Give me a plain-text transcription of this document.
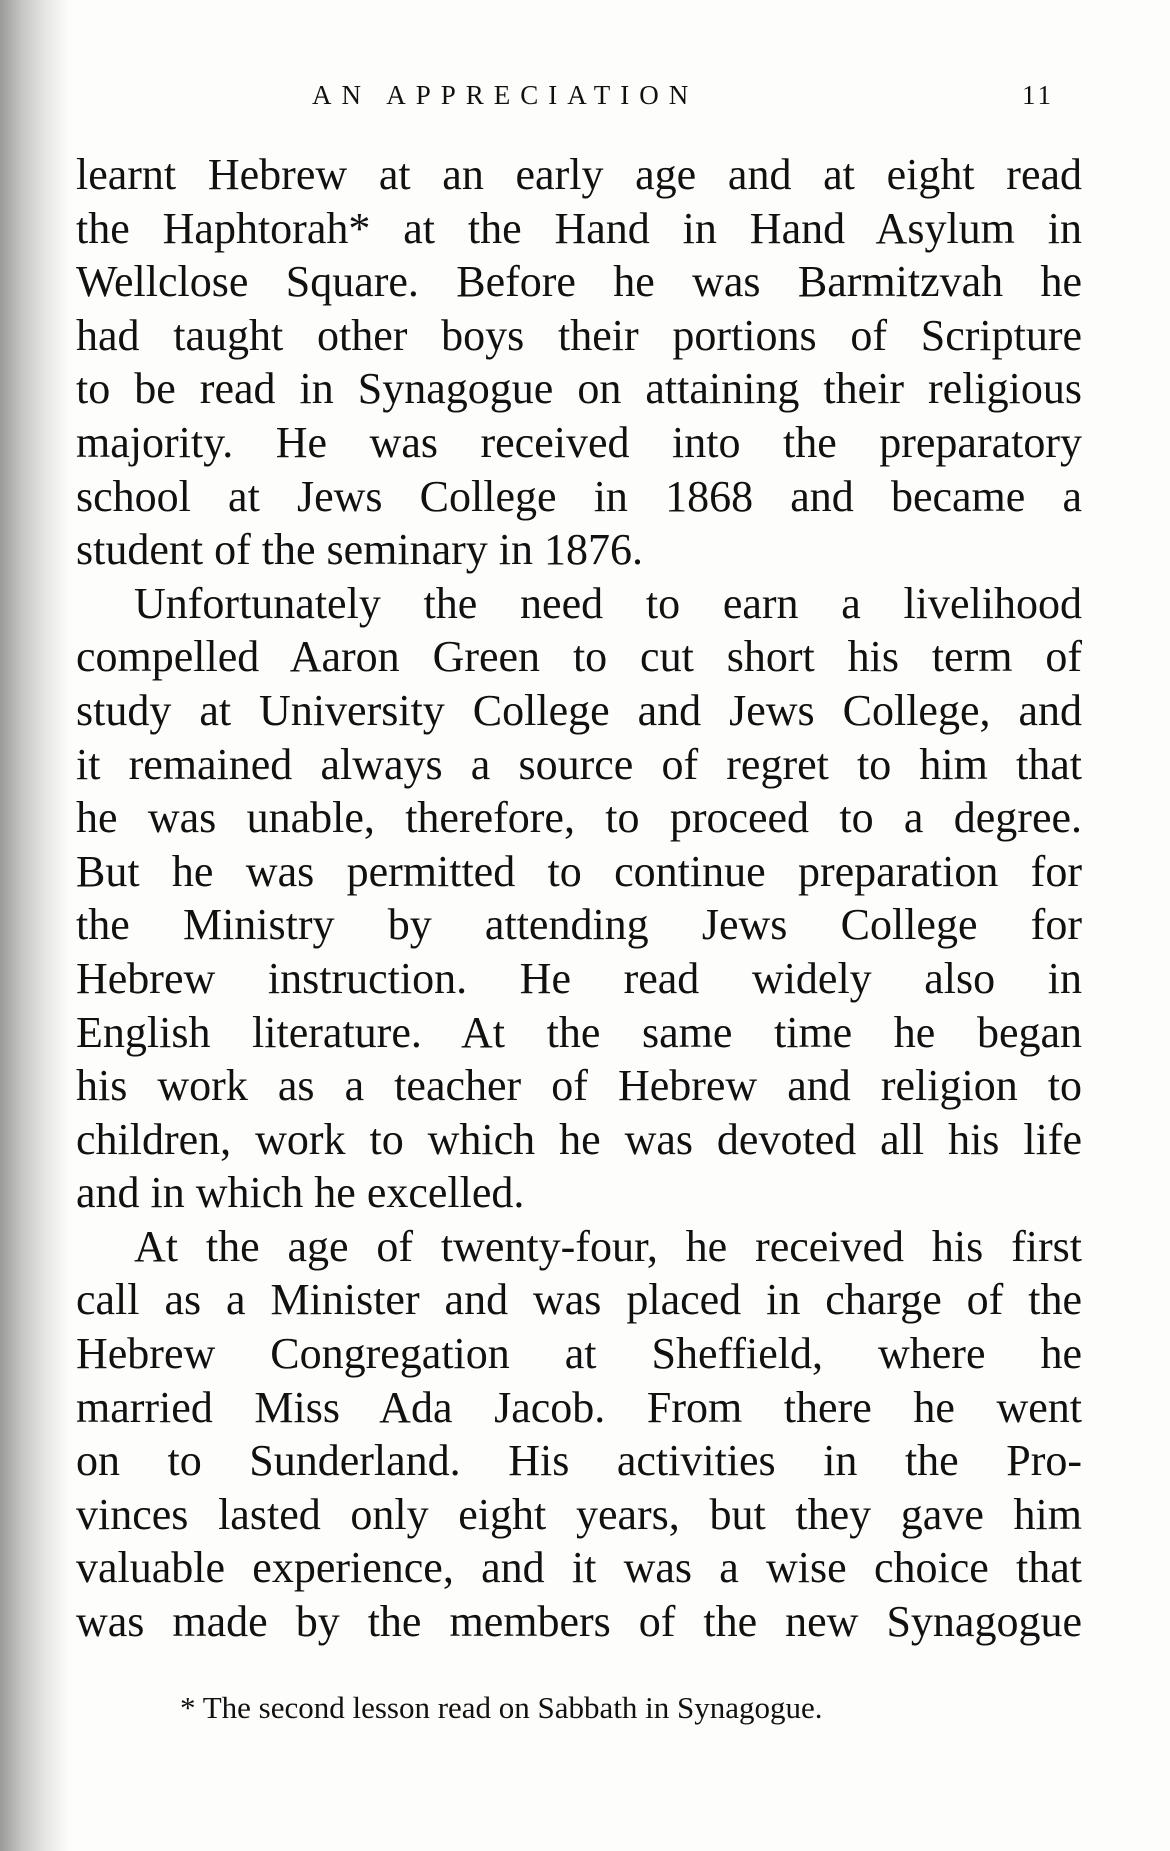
AN APPRECIATION	11
learnt Hebrew at an early age and at eight read
the Haphtorah* at the Hand in Hand Asylum in
Wellclose Square. Before he was Barmitzvah he
had taught other boys their portions of Scripture
to be read in Synagogue on attaining their religious
majority. He was received into the preparatory
school at Jews College in 1868 and became a
student of the seminary in 1876.
Unfortunately the need to earn a livelihood
compelled Aaron Green to cut short his term of
study at University College and Jews College, and
it remained always a source of regret to him that
he was unable, therefore, to proceed to a degree.
But he was permitted to continue preparation for
the Ministry by attending Jews College for
Hebrew instruction. He read widely also in
English literature. At the same time he began
his work as a teacher of Hebrew and religion to
children, work to which he was devoted all his life
and in which he excelled.
At the age of twenty-four, he received his first
call as a Minister and was placed in charge of the
Hebrew Congregation at Sheffield, where he
married Miss Ada Jacob. From there he went
on to Sunderland. His activities in the Pro-
vinces lasted only eight years, but they gave him
valuable experience, and it was a wise choice that
was made by the members of the new Synagogue
* The second lesson read on Sabbath in Synagogue.
